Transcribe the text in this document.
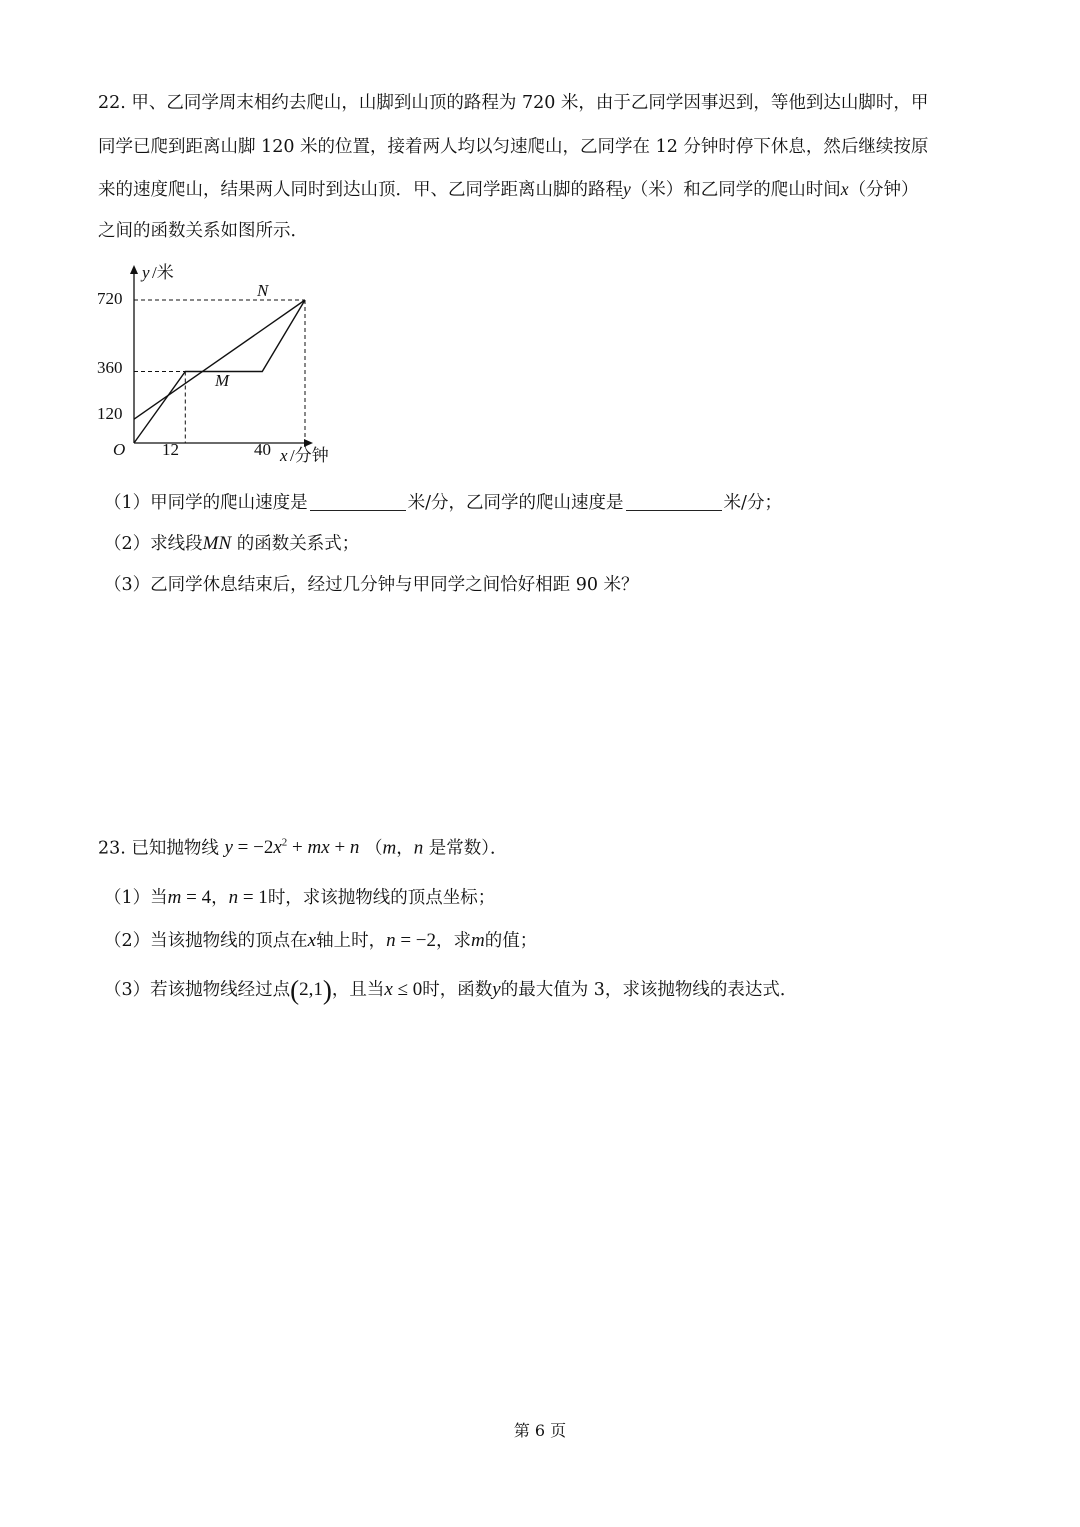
22. 甲、乙同学周末相约去爬山，山脚到山顶的路程为 720 米，由于乙同学因事迟到，等他到达山脚时，甲
同学已爬到距离山脚 120 米的位置，接着两人均以匀速爬山，乙同学在 12 分钟时停下休息，然后继续按原
来的速度爬山，结果两人同时到达山顶．甲、乙同学距离山脚的路程y（米）和乙同学的爬山时间x（分钟）
之间的函数关系如图所示．
y /米
x /分钟
O
720
360
120
12	40
N
M
（1）甲同学的爬山速度是	米/分，乙同学的爬山速度是	米/分；
（2）求线段MN 的函数关系式；
（3）乙同学休息结束后，经过几分钟与甲同学之间恰好相距 90 米？
23. 已知抛物线 $y = -2x^2$ + mx + n （m，n 是常数）．
（1）当m = 4，n = 1时，求该抛物线的顶点坐标；
（2）当该抛物线的顶点在x轴上时，n = −2，求m的值；
（3）若该抛物线经过点(2,1)，且当x ≤ 0时，函数y的最大值为 3，求该抛物线的表达式．
第 6 页
